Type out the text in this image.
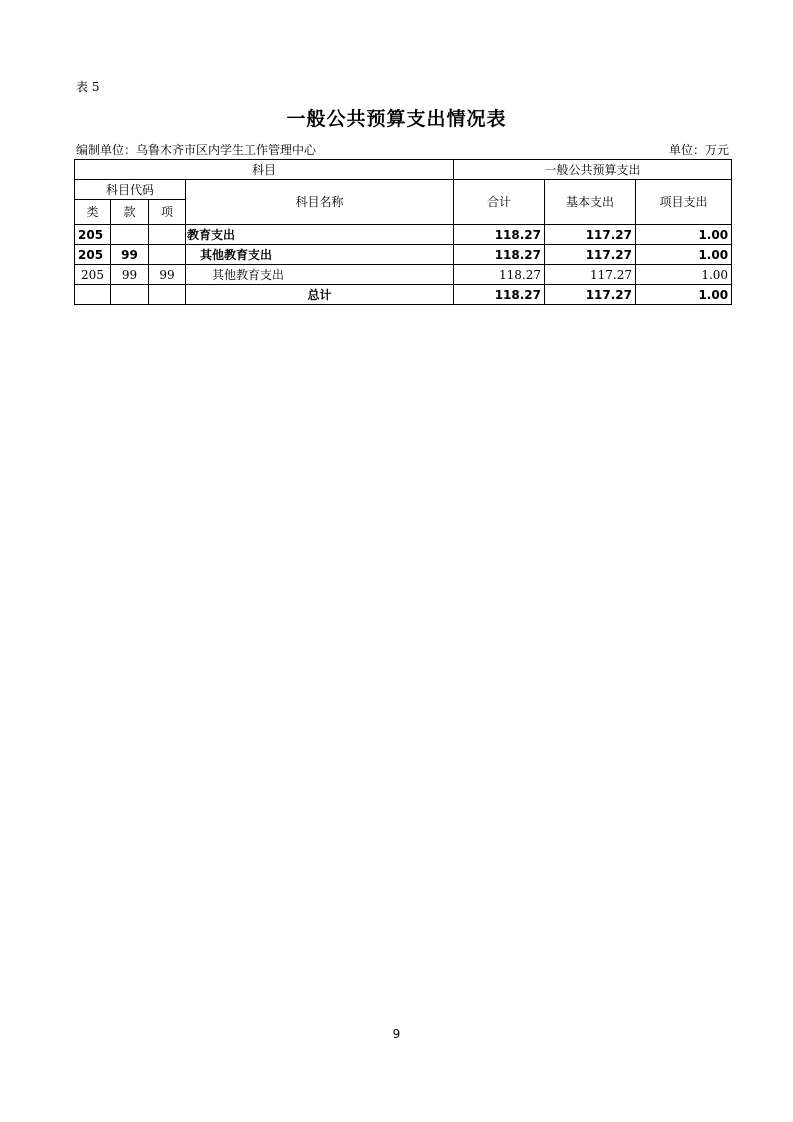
表 5
一般公共预算支出情况表
编制单位：乌鲁木齐市区内学生工作管理中心	单位：万元
科目				一般公共预算支出		
科目代码			科目名称	合计	基本支出	项目支出
类	款	项				
205			教育支出	118.27	117.27	1.00
205	99		其他教育支出	118.27	117.27	1.00
205	99	99	其他教育支出	118.27	117.27	1.00
			总计	118.27	117.27	1.00
9
